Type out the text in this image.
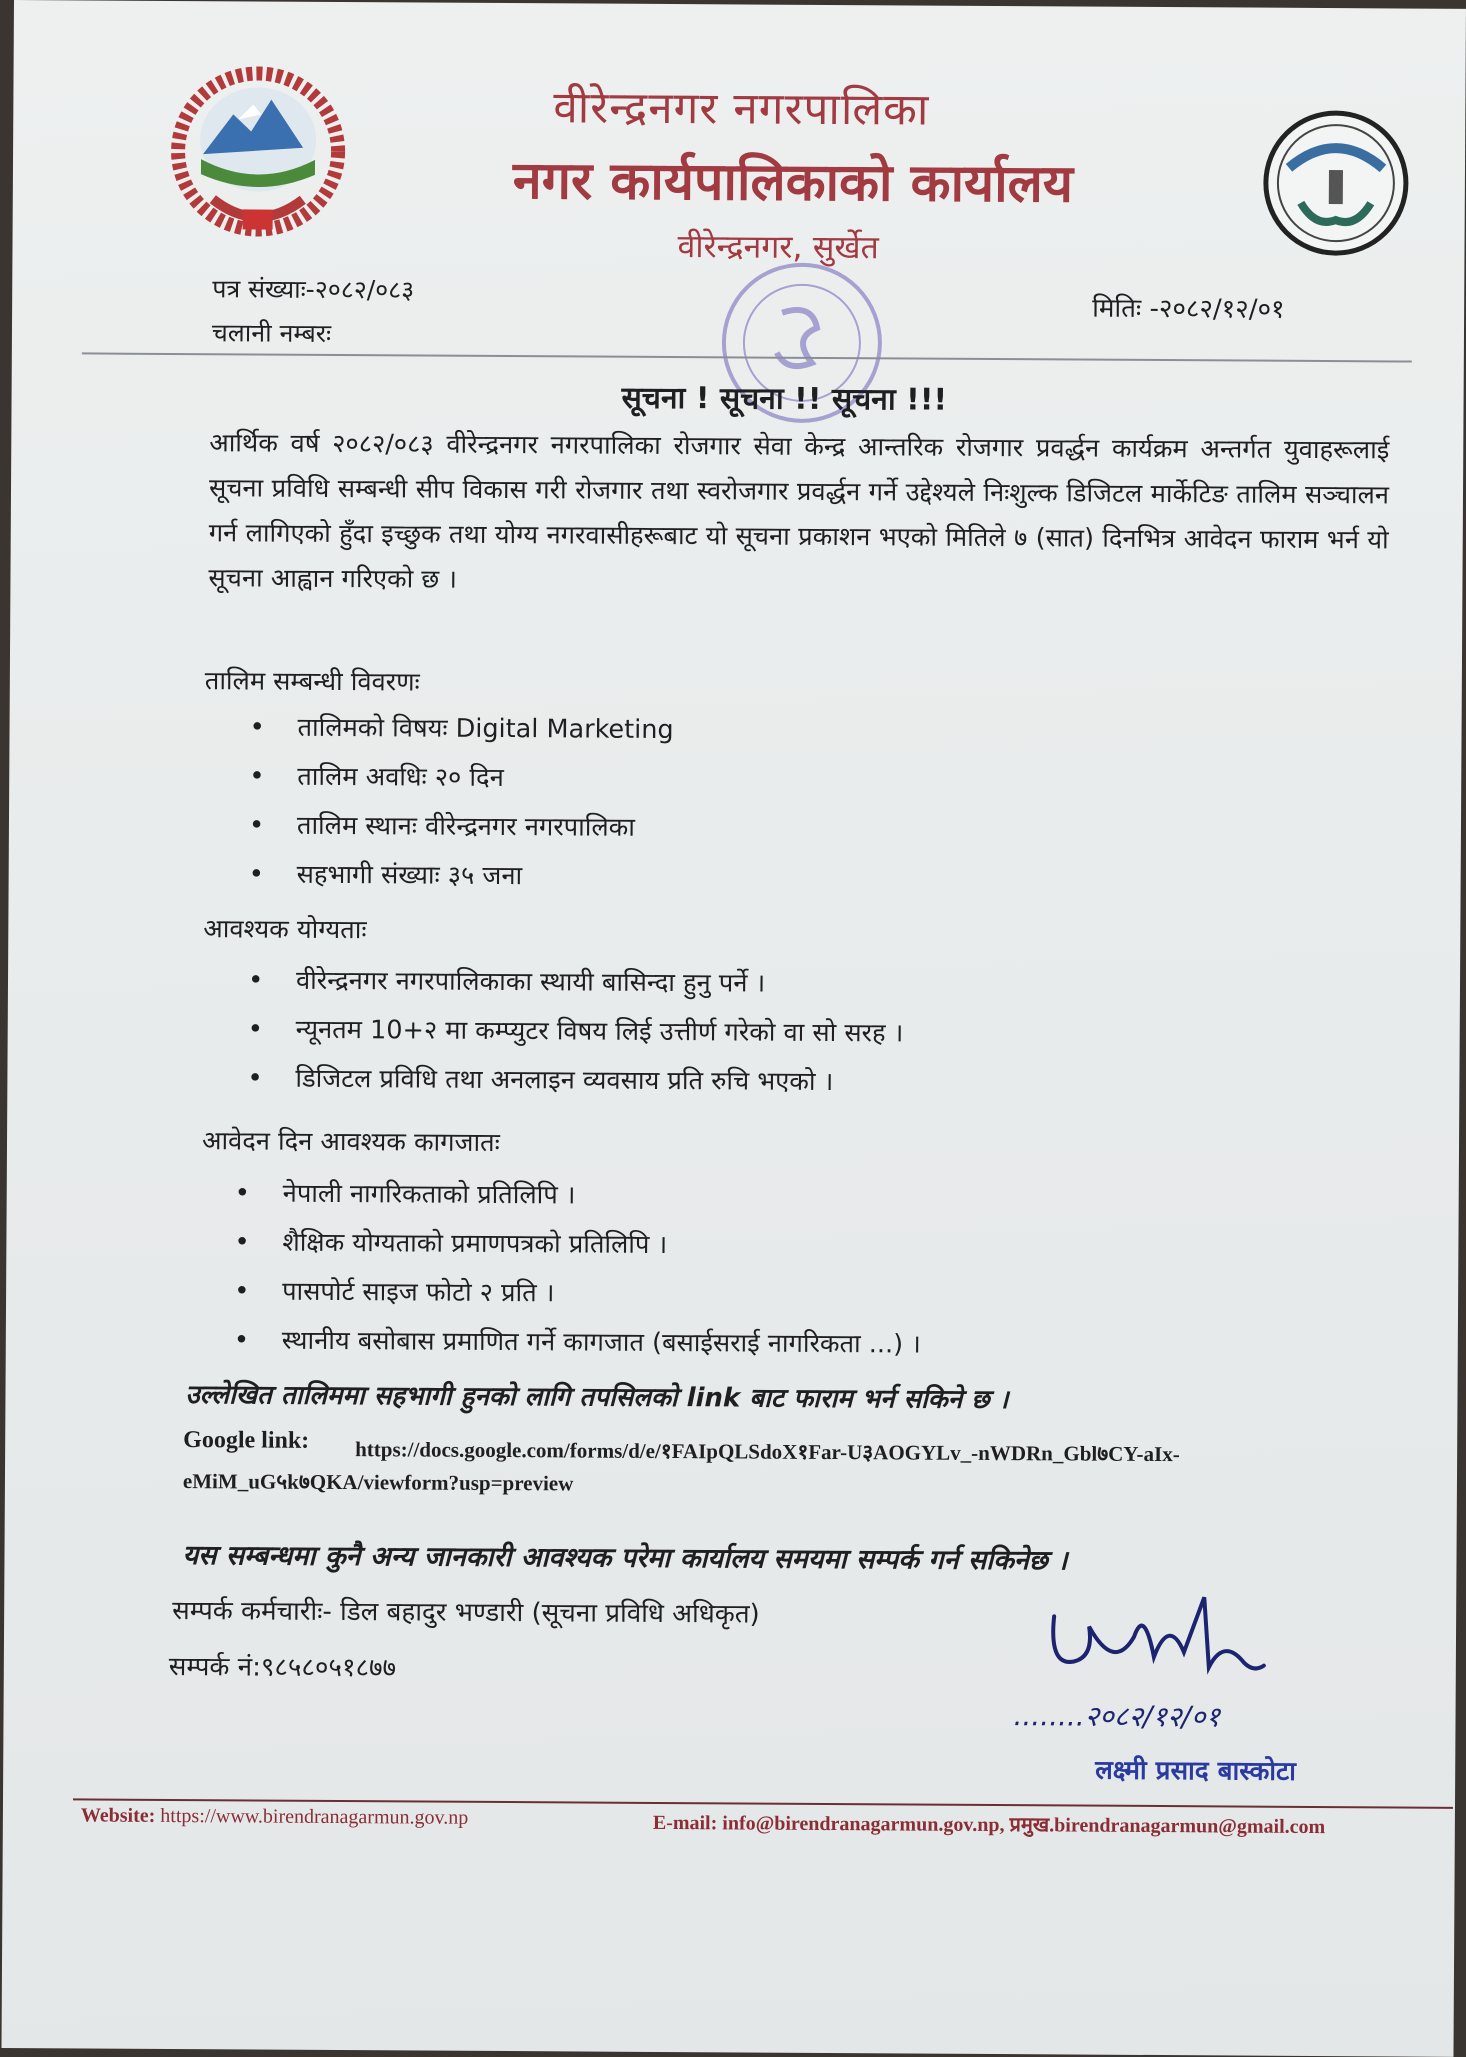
वीरेन्द्रनगर नगरपालिका
नगर कार्यपालिकाको कार्यालय
वीरेन्द्रनगर, सुर्खेत
पत्र संख्याः-२०८२/०८३
चलानी नम्बरः
मितिः -२०८२/१२/०१
सूचना ! सूचना !! सूचना !!!
आर्थिक वर्ष २०८२/०८३ वीरेन्द्रनगर नगरपालिका रोजगार सेवा केन्द्र आन्तरिक रोजगार प्रवर्द्धन कार्यक्रम अन्तर्गत युवाहरूलाई सूचना प्रविधि सम्बन्धी सीप विकास गरी रोजगार तथा स्वरोजगार प्रवर्द्धन गर्ने उद्देश्यले निःशुल्क डिजिटल मार्केटिङ तालिम सञ्चालन गर्न लागिएको हुँदा इच्छुक तथा योग्य नगरवासीहरूबाट यो सूचना प्रकाशन भएको मितिले ७ (सात) दिनभित्र आवेदन फाराम भर्न यो सूचना आह्वान गरिएको छ ।
तालिम सम्बन्धी विवरणः
• तालिमको विषयः Digital Marketing
• तालिम अवधिः २० दिन
• तालिम स्थानः वीरेन्द्रनगर नगरपालिका
• सहभागी संख्याः ३५ जना
आवश्यक योग्यताः
• वीरेन्द्रनगर नगरपालिकाका स्थायी बासिन्दा हुनु पर्ने ।
• न्यूनतम 10+२ मा कम्प्युटर विषय लिई उत्तीर्ण गरेको वा सो सरह ।
• डिजिटल प्रविधि तथा अनलाइन व्यवसाय प्रति रुचि भएको ।
आवेदन दिन आवश्यक कागजातः
• नेपाली नागरिकताको प्रतिलिपि ।
• शैक्षिक योग्यताको प्रमाणपत्रको प्रतिलिपि ।
• पासपोर्ट साइज फोटो २ प्रति ।
• स्थानीय बसोबास प्रमाणित गर्ने कागजात (बसाईसराई नागरिकता ...) ।
उल्लेखित तालिममा सहभागी हुनको लागि तपसिलको link बाट फाराम भर्न सकिने छ ।
Google link: https://docs.google.com/forms/d/e/१FAIpQLSdoX१Far-U३AOGYLv_-nWDRn_Gbl७CY-aIx-
eMiM_uG५k७QKA/viewform?usp=preview
यस सम्बन्धमा कुनै अन्य जानकारी आवश्यक परेमा कार्यालय समयमा सम्पर्क गर्न सकिनेछ ।
सम्पर्क कर्मचारीः- डिल बहादुर भण्डारी (सूचना प्रविधि अधिकृत)
सम्पर्क नं:९८५८०५१८७७
........२०८२/१२/०१
लक्ष्मी प्रसाद बास्कोटा
Website: https://www.birendranagarmun.gov.np	E-mail: info@birendranagarmun.gov.np, प्रमुख.birendranagarmun@gmail.com
